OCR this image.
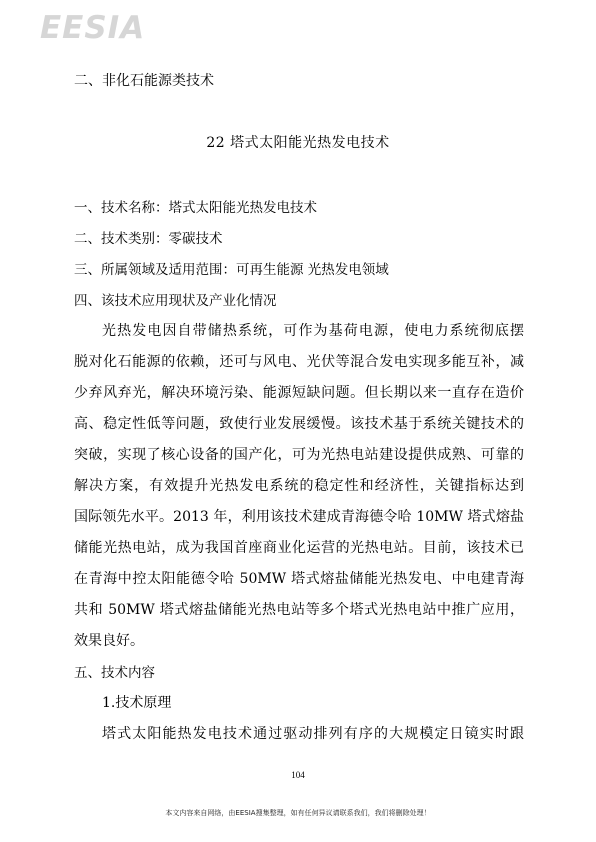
EESIA
二、非化石能源类技术
22 塔式太阳能光热发电技术
一、技术名称：塔式太阳能光热发电技术
二、技术类别：零碳技术
三、所属领域及适用范围：可再生能源 光热发电领域
四、该技术应用现状及产业化情况
光热发电因自带储热系统，可作为基荷电源，使电力系统彻底摆
脱对化石能源的依赖，还可与风电、光伏等混合发电实现多能互补，减
少弃风弃光，解决环境污染、能源短缺问题。但长期以来一直存在造价
高、稳定性低等问题，致使行业发展缓慢。该技术基于系统关键技术的
突破，实现了核心设备的国产化，可为光热电站建设提供成熟、可靠的
解决方案，有效提升光热发电系统的稳定性和经济性，关键指标达到
国际领先水平。2013 年，利用该技术建成青海德令哈 10MW 塔式熔盐
储能光热电站，成为我国首座商业化运营的光热电站。目前，该技术已
在青海中控太阳能德令哈 50MW 塔式熔盐储能光热发电、中电建青海
共和 50MW 塔式熔盐储能光热电站等多个塔式光热电站中推广应用，
效果良好。
五、技术内容
1.技术原理
塔式太阳能热发电技术通过驱动排列有序的大规模定日镜实时跟
104
本文内容来自网络，由EESIA搜集整理，如有任何异议请联系我们，我们将删除处理！
